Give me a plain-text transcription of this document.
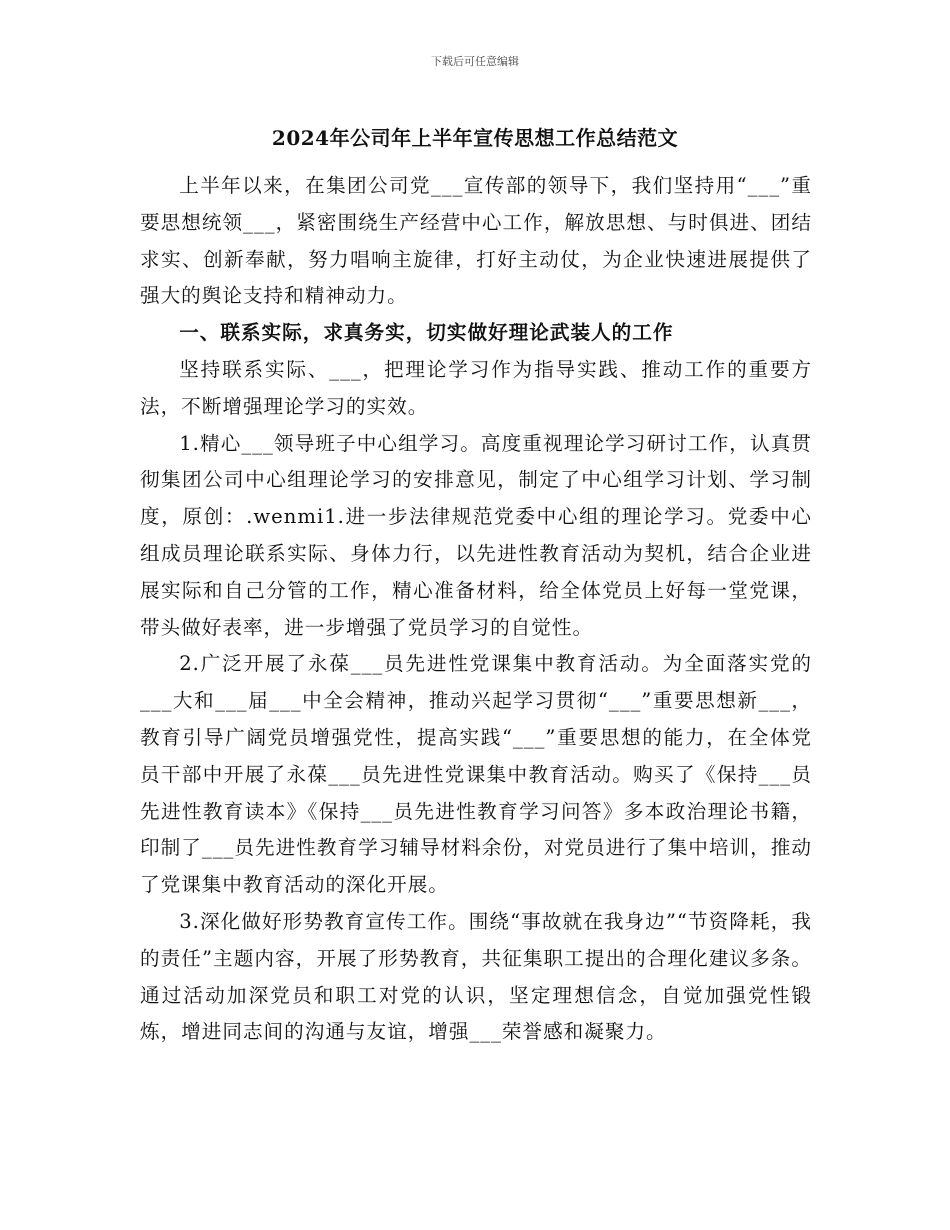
下载后可任意编辑
2024年公司年上半年宣传思想工作总结范文

上半年以来，在集团公司党___宣传部的领导下，我们坚持用“___”重要思想统领___，紧密围绕生产经营中心工作，解放思想、与时俱进、团结求实、创新奉献，努力唱响主旋律，打好主动仗，为企业快速进展提供了强大的舆论支持和精神动力。

一、联系实际，求真务实，切实做好理论武装人的工作

坚持联系实际、___，把理论学习作为指导实践、推动工作的重要方法，不断增强理论学习的实效。

1.精心___领导班子中心组学习。高度重视理论学习研讨工作，认真贯彻集团公司中心组理论学习的安排意见，制定了中心组学习计划、学习制度，原创：.wenmi1.进一步法律规范党委中心组的理论学习。党委中心组成员理论联系实际、身体力行，以先进性教育活动为契机，结合企业进展实际和自己分管的工作，精心准备材料，给全体党员上好每一堂党课，带头做好表率，进一步增强了党员学习的自觉性。

2.广泛开展了永葆___员先进性党课集中教育活动。为全面落实党的___大和___届___中全会精神，推动兴起学习贯彻“___”重要思想新___，教育引导广阔党员增强党性，提高实践“___”重要思想的能力，在全体党员干部中开展了永葆___员先进性党课集中教育活动。购买了《保持___员先进性教育读本》《保持___员先进性教育学习问答》多本政治理论书籍，印制了___员先进性教育学习辅导材料余份，对党员进行了集中培训，推动了党课集中教育活动的深化开展。

3.深化做好形势教育宣传工作。围绕“事故就在我身边”“节资降耗，我的责任”主题内容，开展了形势教育，共征集职工提出的合理化建议多条。通过活动加深党员和职工对党的认识，坚定理想信念，自觉加强党性锻炼，增进同志间的沟通与友谊，增强___荣誉感和凝聚力。
